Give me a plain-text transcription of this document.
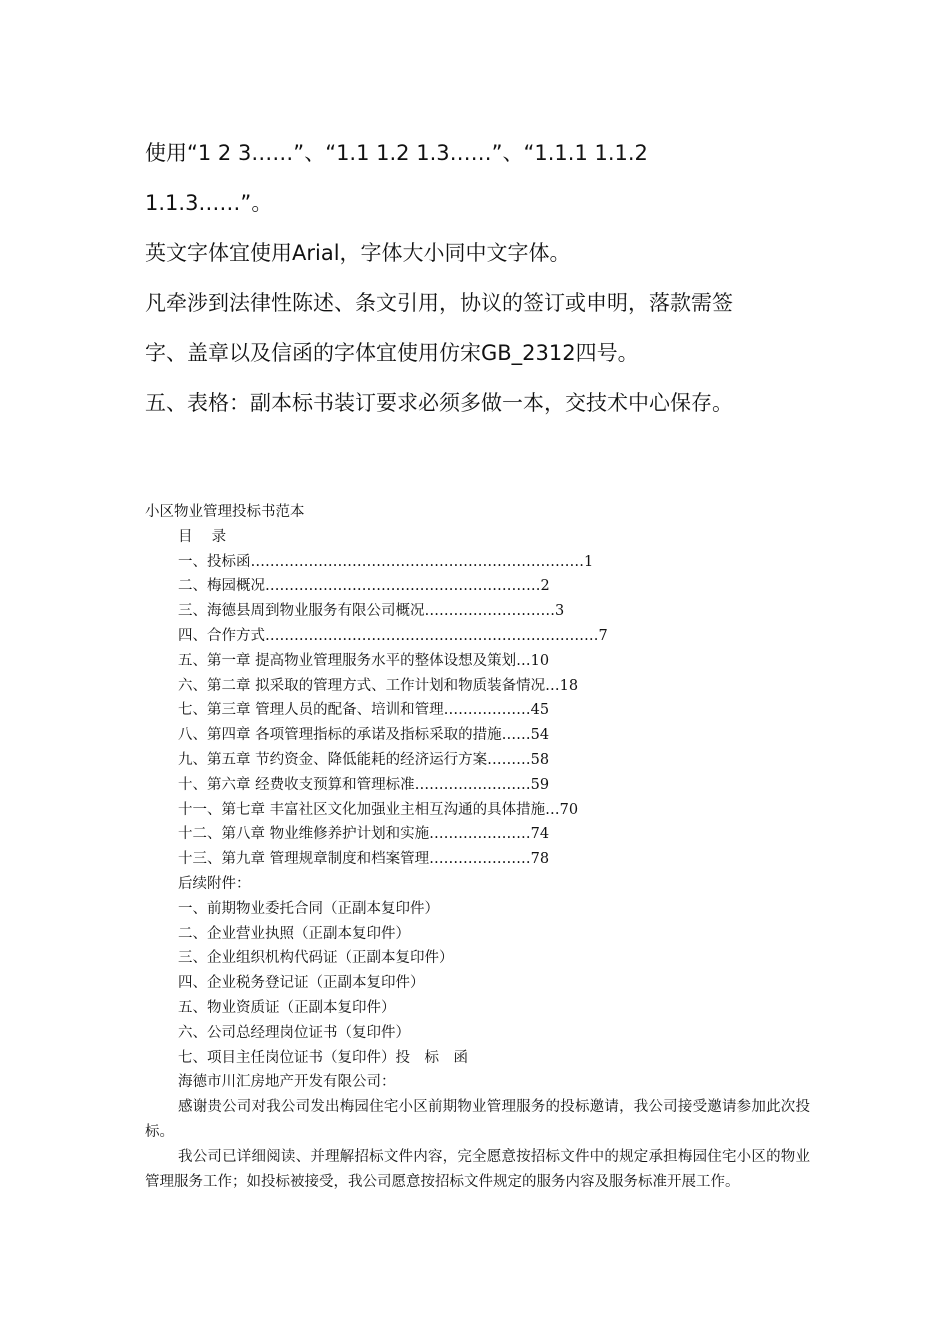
使用“1 2 3……”、“1.1 1.2 1.3……”、“1.1.1 1.1.2

1.1.3……”。

英文字体宜使用Arial，字体大小同中文字体。

凡牵涉到法律性陈述、条文引用，协议的签订或申明，落款需签

字、盖章以及信函的字体宜使用仿宋GB_2312四号。

五、表格：副本标书装订要求必须多做一本，交技术中心保存。

小区物业管理投标书范本

目　 录

一、投标函……………………………………………………………1

二、梅园概况…………………………………………………2

三、海德县周到物业服务有限公司概况………………………3

四、合作方式……………………………………………………………7

五、第一章 提高物业管理服务水平的整体设想及策划…10

六、第二章 拟采取的管理方式、工作计划和物质装备情况…18

七、第三章 管理人员的配备、培训和管理………………45

八、第四章 各项管理指标的承诺及指标采取的措施……54

九、第五章 节约资金、降低能耗的经济运行方案………58

十、第六章 经费收支预算和管理标准……………………59

十一、第七章 丰富社区文化加强业主相互沟通的具体措施…70

十二、第八章 物业维修养护计划和实施…………………74

十三、第九章 管理规章制度和档案管理…………………78

后续附件：

一、前期物业委托合同（正副本复印件）

二、企业营业执照（正副本复印件）

三、企业组织机构代码证（正副本复印件）

四、企业税务登记证（正副本复印件）

五、物业资质证（正副本复印件）

六、公司总经理岗位证书（复印件）

七、项目主任岗位证书（复印件）投　标　函

海德市川汇房地产开发有限公司：

感谢贵公司对我公司发出梅园住宅小区前期物业管理服务的投标邀请，我公司接受邀请参加此次投标。

我公司已详细阅读、并理解招标文件内容，完全愿意按招标文件中的规定承担梅园住宅小区的物业管理服务工作；如投标被接受，我公司愿意按招标文件规定的服务内容及服务标准开展工作。
